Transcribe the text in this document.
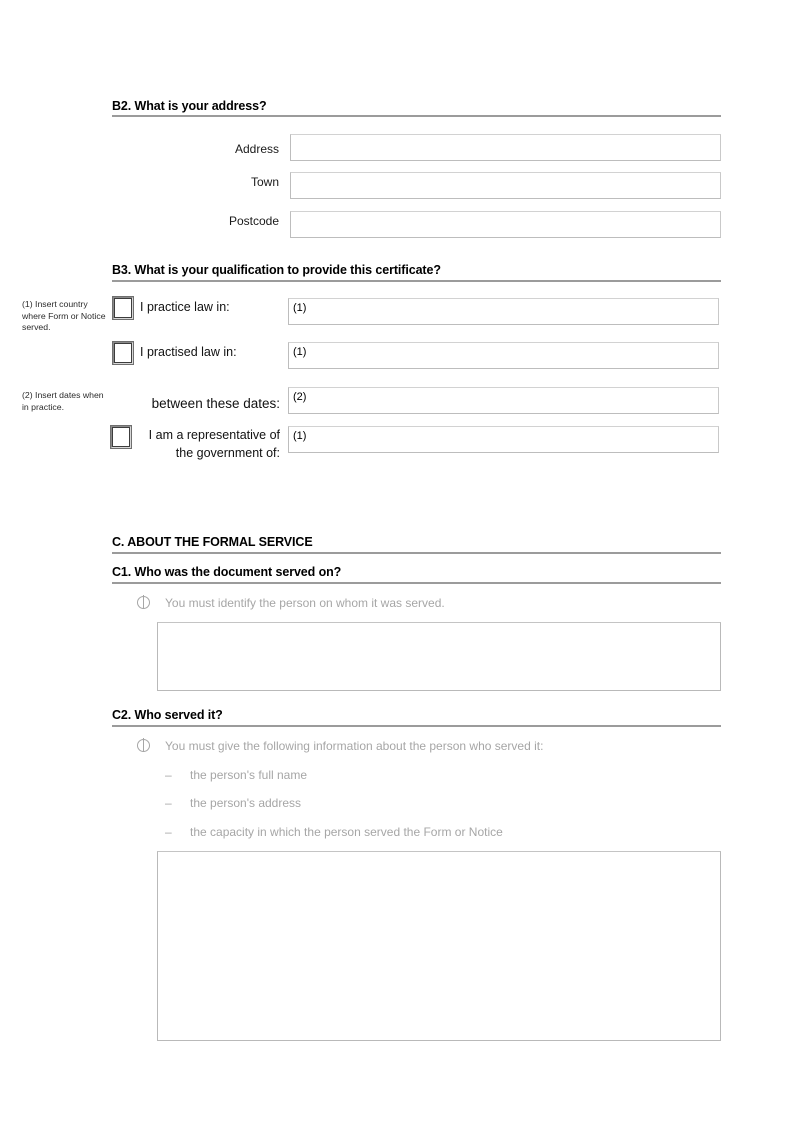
B2. What is your address?
Address
Town
Postcode
B3. What is your qualification to provide this certificate?
(1) Insert country where Form or Notice served.
(2) Insert dates when in practice.
I practice law in:	(1)
I practised law in:	(1)
between these dates: (2)
I am a representative of the government of:
(1)
C. ABOUT THE FORMAL SERVICE
C1. Who was the document served on?
You must identify the person on whom it was served.
C2. Who served it?
You must give the following information about the person who served it:
– the person's full name
– the person's address
– the capacity in which the person served the Form or Notice
